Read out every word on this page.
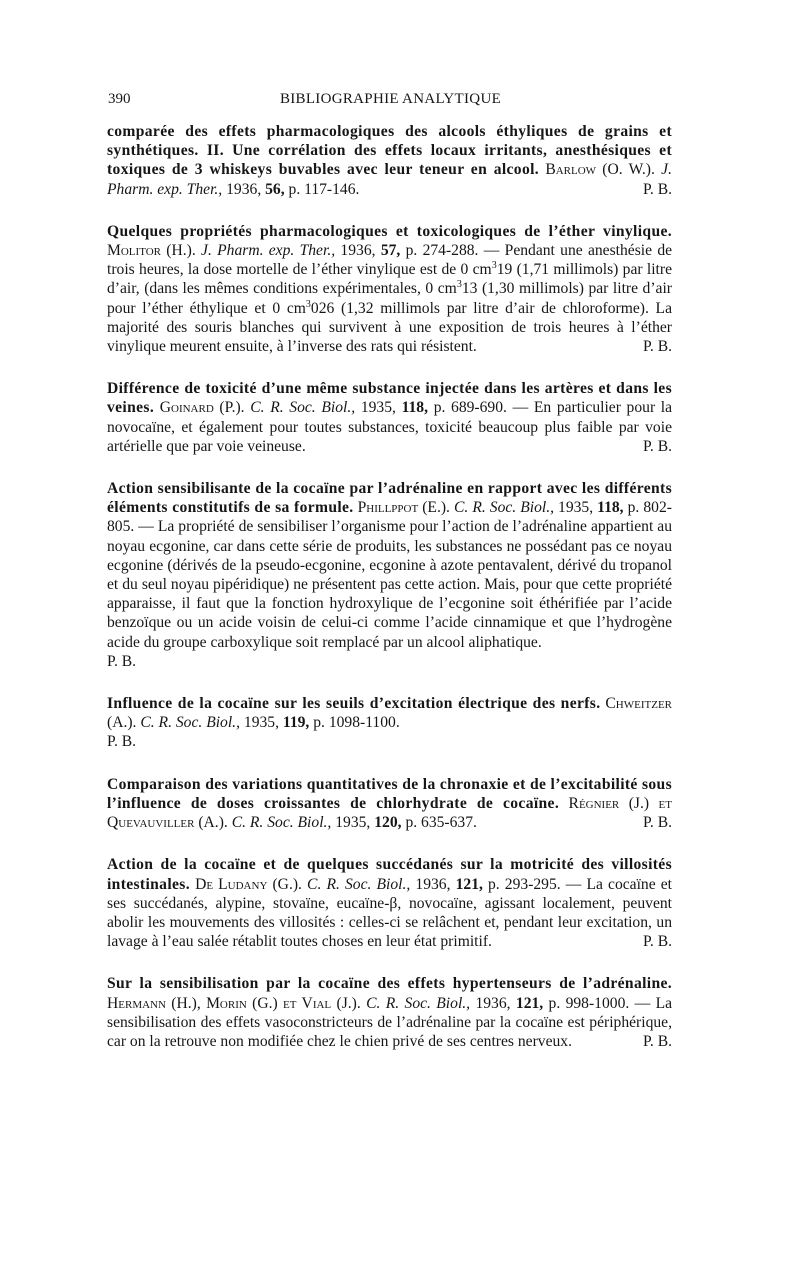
390	BIBLIOGRAPHIE ANALYTIQUE

comparée des effets pharmacologiques des alcools éthyliques de grains et synthétiques. II. Une corrélation des effets locaux irritants, anesthésiques et toxiques de 3 whiskeys buvables avec leur teneur en alcool. Barlow (O. W.). J. Pharm. exp. Ther., 1936, 56, p. 117-146.	P. B.

Quelques propriétés pharmacologiques et toxicologiques de l’éther vinylique. Molitor (H.). J. Pharm. exp. Ther., 1936, 57, p. 274-288. — Pendant une anesthésie de trois heures, la dose mortelle de l’éther vinylique est de 0 $cm^319$ (1,71 millimols) par litre d’air, (dans les mêmes conditions expérimentales, 0 $cm^313$ (1,30 millimols) par litre d’air pour l’éther éthylique et 0 $cm^3026$ (1,32 millimols par litre d’air de chloroforme). La majorité des souris blanches qui survivent à une exposition de trois heures à l’éther vinylique meurent ensuite, à l’inverse des rats qui résistent.	P. B.

Différence de toxicité d’une même substance injectée dans les artères et dans les veines. Goinard (P.). C. R. Soc. Biol., 1935, 118, p. 689-690. — En particulier pour la novocaïne, et également pour toutes substances, toxicité beaucoup plus faible par voie artérielle que par voie veineuse.	P. B.

Action sensibilisante de la cocaïne par l’adrénaline en rapport avec les différents éléments constitutifs de sa formule. Phillppot (E.). C. R. Soc. Biol., 1935, 118, p. 802-805. — La propriété de sensibiliser l’organisme pour l’action de l’adrénaline appartient au noyau ecgonine, car dans cette série de produits, les substances ne possédant pas ce noyau ecgonine (dérivés de la pseudo-ecgonine, ecgonine à azote pentavalent, dérivé du tropanol et du seul noyau pipéridique) ne présentent pas cette action. Mais, pour que cette propriété apparaisse, il faut que la fonction hydroxylique de l’ecgonine soit éthérifiée par l’acide benzoïque ou un acide voisin de celui-ci comme l’acide cinnamique et que l’hydrogène acide du groupe carboxylique soit remplacé par un alcool aliphatique.
P. B.

Influence de la cocaïne sur les seuils d’excitation électrique des nerfs. Chweitzer (A.). C. R. Soc. Biol., 1935, 119, p. 1098-1100.
P. B.

Comparaison des variations quantitatives de la chronaxie et de l’excitabilité sous l’influence de doses croissantes de chlorhydrate de cocaïne. Régnier (J.) et Quevauviller (A.). C. R. Soc. Biol., 1935, 120, p. 635-637.	P. B.

Action de la cocaïne et de quelques succédanés sur la motricité des villosités intestinales. De Ludany (G.). C. R. Soc. Biol., 1936, 121, p. 293-295. — La cocaïne et ses succédanés, alypine, stovaïne, eucaïne-β, novocaïne, agissant localement, peuvent abolir les mouvements des villosités : celles-ci se relâchent et, pendant leur excitation, un lavage à l’eau salée rétablit toutes choses en leur état primitif.	P. B.

Sur la sensibilisation par la cocaïne des effets hypertenseurs de l’adrénaline. Hermann (H.), Morin (G.) et Vial (J.). C. R. Soc. Biol., 1936, 121, p. 998-1000. — La sensibilisation des effets vasoconstricteurs de l’adrénaline par la cocaïne est périphérique, car on la retrouve non modifiée chez le chien privé de ses centres nerveux.	P. B.
